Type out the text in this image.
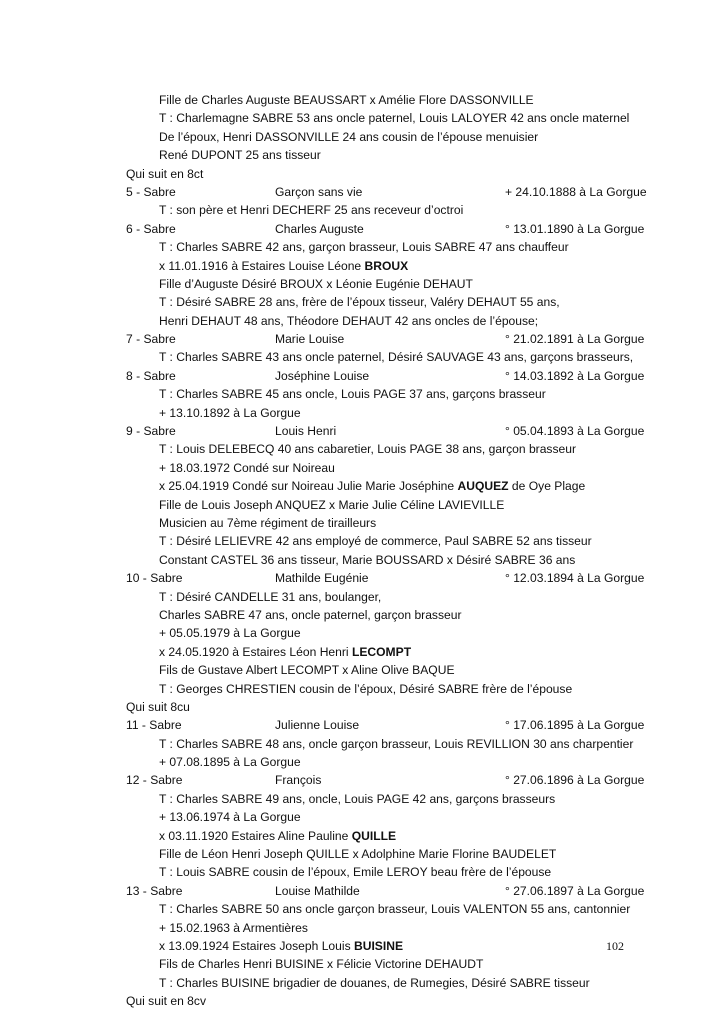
Fille de Charles Auguste BEAUSSART x Amélie Flore DASSONVILLE
T : Charlemagne SABRE 53 ans oncle paternel, Louis LALOYER 42 ans oncle maternel
De l’époux, Henri DASSONVILLE 24 ans cousin de l’épouse menuisier
René DUPONT 25 ans tisseur
Qui suit en 8ct
5 - Sabre	Garçon sans vie	+ 24.10.1888 à La Gorgue
T : son père et Henri DECHERF 25 ans receveur d’octroi
6 - Sabre	Charles Auguste	° 13.01.1890 à La Gorgue
T : Charles SABRE 42 ans, garçon brasseur, Louis SABRE 47 ans chauffeur
x 11.01.1916 à Estaires Louise Léone BROUX
Fille d’Auguste Désiré BROUX x Léonie Eugénie DEHAUT
T : Désiré SABRE 28 ans, frère de l’époux tisseur, Valéry DEHAUT 55 ans,
Henri DEHAUT 48 ans, Théodore DEHAUT 42 ans oncles de l’épouse;
7 - Sabre	Marie Louise	° 21.02.1891 à La Gorgue
T : Charles SABRE 43 ans oncle paternel, Désiré SAUVAGE 43 ans, garçons brasseurs,
8 - Sabre	Joséphine Louise	° 14.03.1892 à La Gorgue
T : Charles SABRE 45 ans oncle, Louis PAGE 37 ans, garçons brasseur
+ 13.10.1892 à La Gorgue
9 - Sabre	Louis Henri	° 05.04.1893 à La Gorgue
T : Louis DELEBECQ 40 ans cabaretier, Louis PAGE 38 ans, garçon brasseur
+ 18.03.1972 Condé sur Noireau
x 25.04.1919 Condé sur Noireau Julie Marie Joséphine AUQUEZ de Oye Plage
Fille de Louis Joseph ANQUEZ x Marie Julie Céline LAVIEVILLE
Musicien au 7ème régiment de tirailleurs
T : Désiré LELIEVRE 42 ans employé de commerce, Paul SABRE 52 ans tisseur
Constant CASTEL 36 ans tisseur, Marie BOUSSARD x Désiré SABRE 36 ans
10 - Sabre	Mathilde Eugénie	° 12.03.1894 à La Gorgue
T : Désiré CANDELLE 31 ans, boulanger,
Charles SABRE 47 ans, oncle paternel, garçon brasseur
+ 05.05.1979 à La Gorgue
x 24.05.1920 à Estaires Léon Henri LECOMPT
Fils de Gustave Albert LECOMPT x Aline Olive BAQUE
T : Georges CHRESTIEN cousin de l’époux, Désiré SABRE frère de l’épouse
Qui suit 8cu
11 - Sabre	Julienne Louise	° 17.06.1895 à La Gorgue
T : Charles SABRE 48 ans, oncle garçon brasseur, Louis REVILLION 30 ans charpentier
+ 07.08.1895 à La Gorgue
12 - Sabre	François	° 27.06.1896 à La Gorgue
T : Charles SABRE 49 ans, oncle, Louis PAGE 42 ans, garçons brasseurs
+ 13.06.1974 à La Gorgue
x 03.11.1920 Estaires Aline Pauline QUILLE
Fille de Léon Henri Joseph QUILLE x Adolphine Marie Florine BAUDELET
T : Louis SABRE cousin de l’époux, Emile LEROY beau frère de l’épouse
13 - Sabre	Louise Mathilde	° 27.06.1897 à La Gorgue
T : Charles SABRE 50 ans oncle garçon brasseur, Louis VALENTON 55 ans, cantonnier
+ 15.02.1963 à Armentières
x 13.09.1924 Estaires Joseph Louis BUISINE
Fils de Charles Henri BUISINE x Félicie Victorine DEHAUDT
T : Charles BUISINE brigadier de douanes, de Rumegies, Désiré SABRE tisseur
Qui suit en 8cv
102
